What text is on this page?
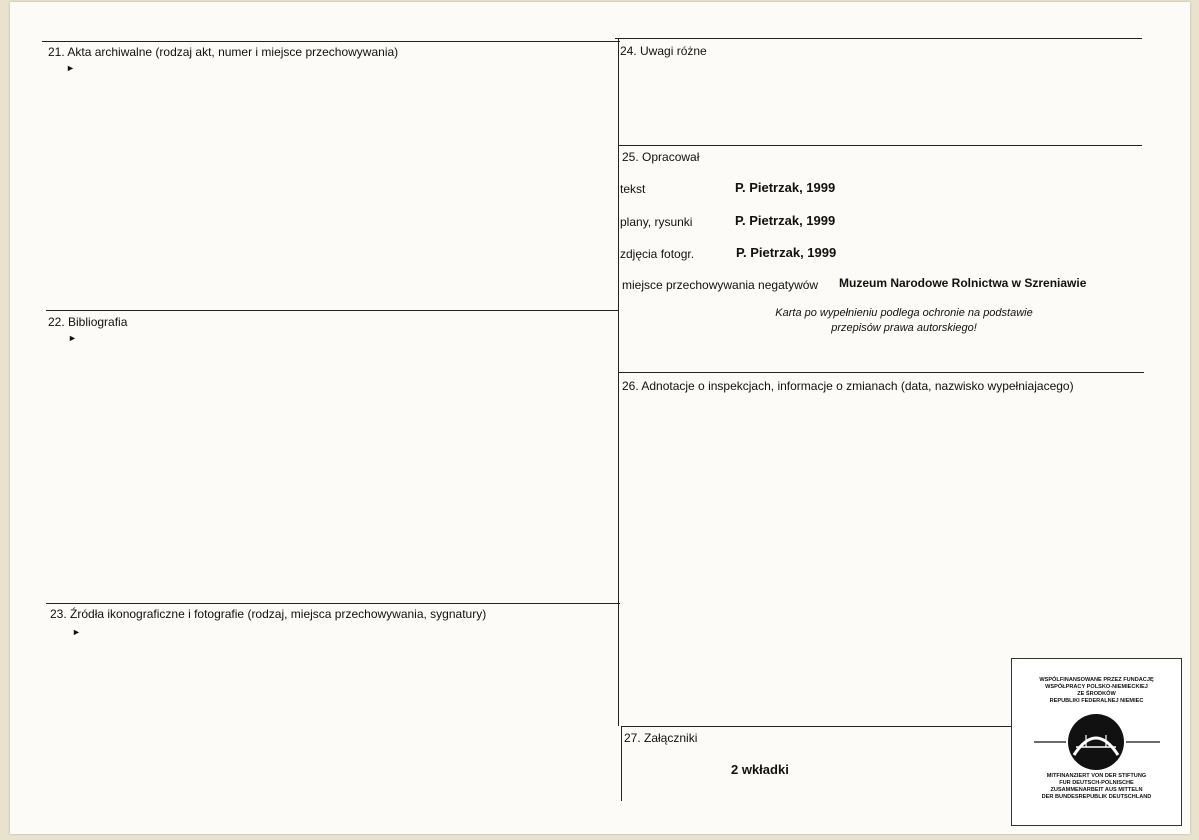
21. Akta archiwalne (rodzaj akt, numer i miejsce przechowywania)
►
22. Bibliografia
►
23. Źródła ikonograficzne i fotografie (rodzaj, miejsca przechowywania, sygnatury)
►
24. Uwagi różne
25. Opracował
tekst	P. Pietrzak, 1999
plany, rysunki	P. Pietrzak, 1999
zdjęcia fotogr.	P. Pietrzak, 1999
miejsce przechowywania negatywów Muzeum Narodowe Rolnictwa w Szreniawie
Karta po wypełnieniu podlega ochronie na podstawie
przepisów prawa autorskiego!
26. Adnotacje o inspekcjach, informacje o zmianach (data, nazwisko wypełniajacego)
27. Załączniki
2 wkładki
WSPÓLFINANSOWANE PRZEZ FUNDACJĘ
WSPÓŁPRACY POLSKO-NIEMIECKIEJ
ZE ŚRODKÓW
REPUBLIKI FEDERALNEJ NIEMIEC
MITFINANZIERT VON DER STIFTUNG
FUR DEUTSCH-POLNISCHE
ZUSAMMENARBEIT AUS MITTELN
DER BUNDESREPUBLIK DEUTSCHLAND
